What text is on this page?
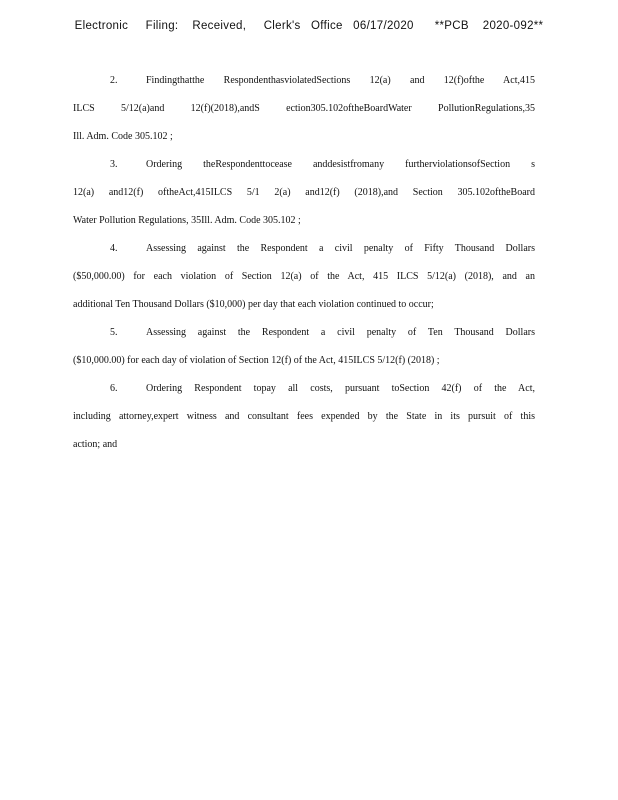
Electronic     Filing:    Received,     Clerk's   Office   06/17/2020      **PCB    2020-092**
2.	Findingthatthe RespondenthasviolatedSections 12(a) and 12(f)ofthe Act,415
ILCS 5/12(a)and 12(f)(2018),andS ection305.102oftheBoardWater PollutionRegulations,35
Ill. Adm. Code 305.102 ;
3.	Ordering theRespondenttocease anddesistfromany furtherviolationsofSection s
12(a) and12(f) oftheAct,415ILCS 5/1 2(a) and12(f) (2018),and Section 305.102oftheBoard
Water Pollution Regulations, 35Ill. Adm. Code 305.102 ;
4.	Assessing against the Respondent a civil penalty of Fifty Thousand Dollars
($50,000.00) for each violation of Section 12(a) of the Act, 415 ILCS 5/12(a) (2018), and an
additional Ten Thousand Dollars ($10,000) per day that each violation continued to occur;
5.	Assessing against the Respondent a civil penalty of Ten Thousand Dollars
($10,000.00) for each day of violation of Section 12(f) of the Act, 415ILCS 5/12(f) (2018) ;
6.	Ordering Respondent topay all costs, pursuant toSection 42(f) of the Act,
including attorney,expert witness and consultant fees expended by the State in its pursuit of this
action; and
